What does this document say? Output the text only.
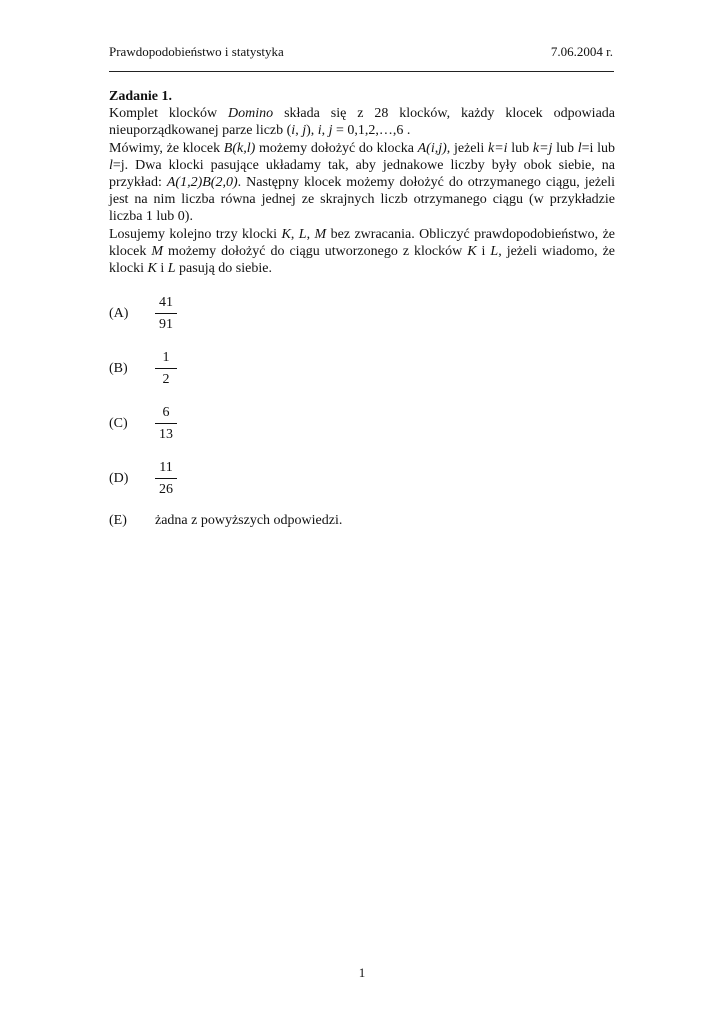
Prawdopodobieństwo i statystyka	7.06.2004 r.
Zadanie 1.

Komplet klocków Domino składa się z 28 klocków, każdy klocek odpowiada nieuporządkowanej parze liczb (i, j), i, j = 0,1,2,…,6 .

Mówimy, że klocek B(k,l) możemy dołożyć do klocka A(i,j), jeżeli k=i lub k=j lub l=i lub l=j. Dwa klocki pasujące układamy tak, aby jednakowe liczby były obok siebie, na przykład: A(1,2)B(2,0). Następny klocek możemy dołożyć do otrzymanego ciągu, jeżeli jest na nim liczba równa jednej ze skrajnych liczb otrzymanego ciągu (w przykładzie liczba 1 lub 0).

Losujemy kolejno trzy klocki K, L, M bez zwracania. Obliczyć prawdopodobieństwo, że klocek M możemy dołożyć do ciągu utworzonego z klocków K i L, jeżeli wiadomo, że klocki K i L pasują do siebie.

(A)
41
91
(B)
1
2
(C)
6
13
(D)
11
26
(E) żadna z powyższych odpowiedzi.
1
